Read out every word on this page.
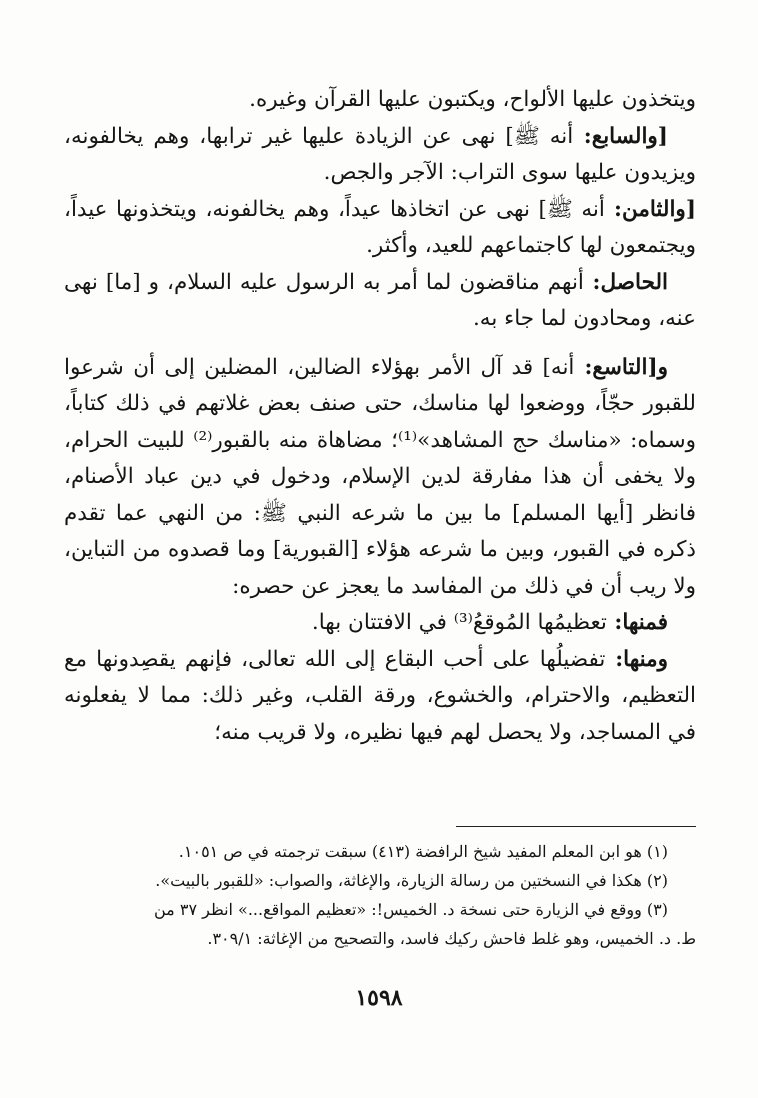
ويتخذون عليها الألواح، ويكتبون عليها القرآن وغيره.

[والسابع: أنه ﷺ] نهى عن الزيادة عليها غير ترابها، وهم يخالفونه، ويزيدون عليها سوى التراب: الآجر والجص.

[والثامن: أنه ﷺ] نهى عن اتخاذها عيداً، وهم يخالفونه، ويتخذونها عيداً، ويجتمعون لها كاجتماعهم للعيد، وأكثر.

الحاصل: أنهم مناقضون لما أمر به الرسول عليه السلام، و [ما] نهى عنه، ومحادون لما جاء به.

و[التاسع: أنه] قد آل الأمر بهؤلاء الضالين، المضلين إلى أن شرعوا للقبور حجّاً، ووضعوا لها مناسك، حتى صنف بعض غلاتهم في ذلك كتاباً، وسماه: «مناسك حج المشاهد»⁽¹⁾؛ مضاهاة منه بالقبور⁽²⁾ للبيت الحرام، ولا يخفى أن هذا مفارقة لدين الإسلام، ودخول في دين عباد الأصنام، فانظر [أيها المسلم] ما بين ما شرعه النبي ﷺ: من النهي عما تقدم ذكره في القبور، وبين ما شرعه هؤلاء [القبورية] وما قصدوه من التباين، ولا ريب أن في ذلك من المفاسد ما يعجز عن حصره:

فمنها: تعظيمُها المُوقعُ⁽³⁾ في الافتتان بها.

ومنها: تفضيلُها على أحب البقاع إلى الله تعالى، فإنهم يقصِدونها مع التعظيم، والاحترام، والخشوع، ورقة القلب، وغير ذلك: مما لا يفعلونه في المساجد، ولا يحصل لهم فيها نظيره، ولا قريب منه؛

(١) هو ابن المعلم المفيد شيخ الرافضة (٤١٣) سبقت ترجمته في ص ١٠٥١.

(٢) هكذا في النسختين من رسالة الزيارة، والإغاثة، والصواب: «للقبور بالبيت».

(٣) ووقع في الزيارة حتى نسخة د. الخميس!: «تعظيم المواقع...» انظر ٣٧ من

ط. د. الخميس، وهو غلط فاحش ركيك فاسد، والتصحيح من الإغاثة: ٣٠٩/١.

١٥٩٨
